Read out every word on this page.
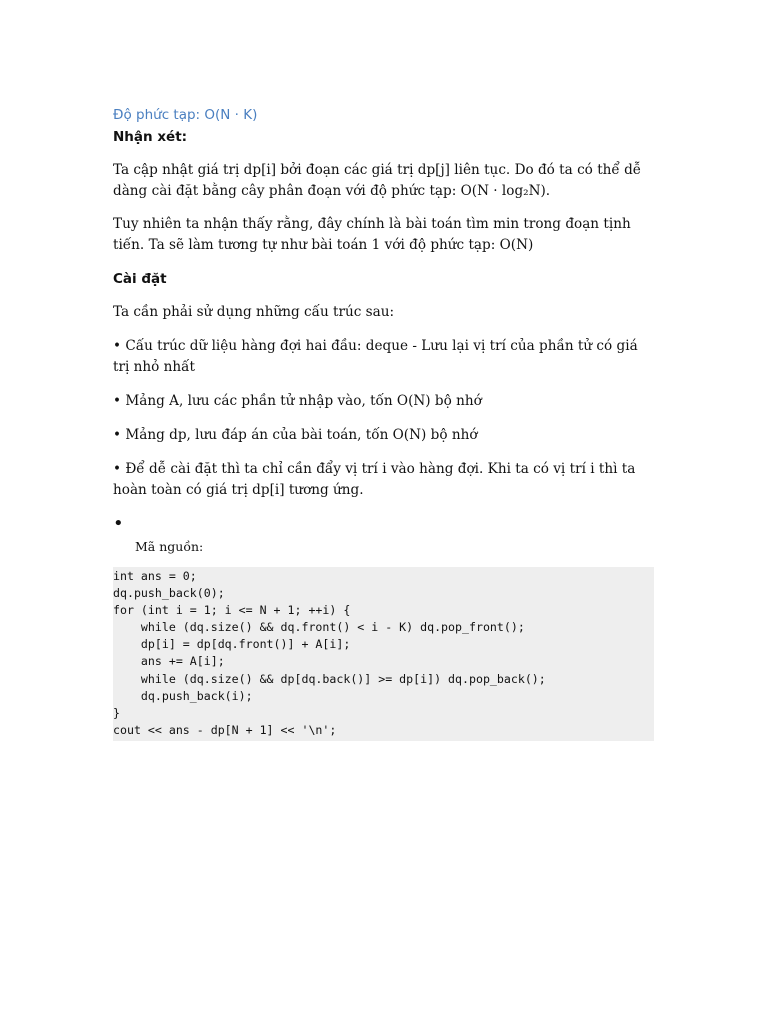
Độ phức tạp: O(N · K)

Nhận xét:

Ta cập nhật giá trị dp[i] bởi đoạn các giá trị dp[j] liên tục. Do đó ta có thể dễ dàng cài đặt bằng cây phân đoạn với độ phức tạp: O(N · log₂N).

Tuy nhiên ta nhận thấy rằng, đây chính là bài toán tìm min trong đoạn tịnh tiến. Ta sẽ làm tương tự như bài toán 1 với độ phức tạp: O(N)

Cài đặt

Ta cần phải sử dụng những cấu trúc sau:

• Cấu trúc dữ liệu hàng đợi hai đầu: deque - Lưu lại vị trí của phần tử có giá trị nhỏ nhất

• Mảng A, lưu các phần tử nhập vào, tốn O(N) bộ nhớ

• Mảng dp, lưu đáp án của bài toán, tốn O(N) bộ nhớ

• Để dễ cài đặt thì ta chỉ cần đẩy vị trí i vào hàng đợi. Khi ta có vị trí i thì ta hoàn toàn có giá trị dp[i] tương ứng.

•

Mã nguồn:

int ans = 0;
dq.push_back(0);
for (int i = 1; i <= N + 1; ++i) {
while (dq.size() && dq.front() < i - K) dq.pop_front();
dp[i] = dp[dq.front()] + A[i];
ans += A[i];
while (dq.size() && dp[dq.back()] >= dp[i]) dq.pop_back();
dq.push_back(i);
}
cout << ans - dp[N + 1] << '\n';
